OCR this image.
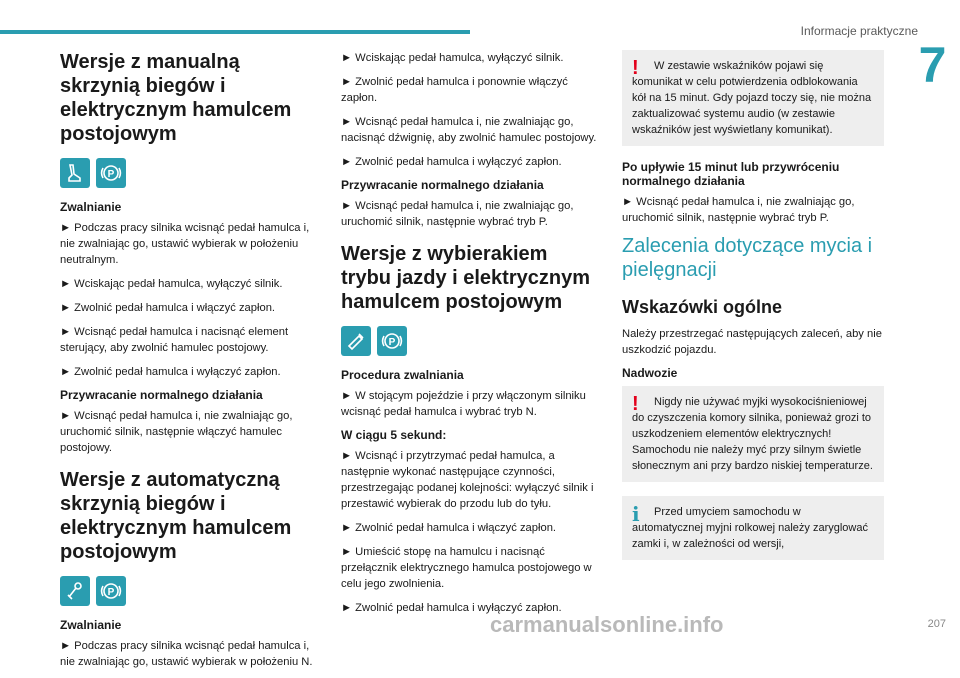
Informacje praktyczne
7
Wersje z manualną skrzynią biegów i elektrycznym hamulcem postojowym
P
Zwalnianie

► Podczas pracy silnika wcisnąć pedał hamulca i, nie zwalniając go, ustawić wybierak w położeniu neutralnym.

► Wciskając pedał hamulca, wyłączyć silnik.

► Zwolnić pedał hamulca i włączyć zapłon.

► Wcisnąć pedał hamulca i nacisnąć element sterujący, aby zwolnić hamulec postojowy.

► Zwolnić pedał hamulca i wyłączyć zapłon.

Przywracanie normalnego działania

► Wcisnąć pedał hamulca i, nie zwalniając go, uruchomić silnik, następnie włączyć hamulec postojowy.

Wersje z automatyczną skrzynią biegów i elektrycznym hamulcem postojowym
P
Zwalnianie

► Podczas pracy silnika wcisnąć pedał hamulca i, nie zwalniając go, ustawić wybierak w położeniu N.

► Wciskając pedał hamulca, wyłączyć silnik.

► Zwolnić pedał hamulca i ponownie włączyć zapłon.

► Wcisnąć pedał hamulca i, nie zwalniając go, nacisnąć dźwignię, aby zwolnić hamulec postojowy.

► Zwolnić pedał hamulca i wyłączyć zapłon.

Przywracanie normalnego działania

► Wcisnąć pedał hamulca i, nie zwalniając go, uruchomić silnik, następnie wybrać tryb P.

Wersje z wybierakiem trybu jazdy i elektrycznym hamulcem postojowym
P
Procedura zwalniania

► W stojącym pojeździe i przy włączonym silniku wcisnąć pedał hamulca i wybrać tryb N.

W ciągu 5 sekund:

► Wcisnąć i przytrzymać pedał hamulca, a następnie wykonać następujące czynności, przestrzegając podanej kolejności: wyłączyć silnik i przestawić wybierak do przodu lub do tyłu.

► Zwolnić pedał hamulca i włączyć zapłon.

► Umieścić stopę na hamulcu i nacisnąć przełącznik elektrycznego hamulca postojowego w celu jego zwolnienia.

► Zwolnić pedał hamulca i wyłączyć zapłon.

!	W zestawie wskaźników pojawi się komunikat w celu potwierdzenia odblokowania kół na 15 minut. Gdy pojazd toczy się, nie można zaktualizować systemu audio (w zestawie wskaźników jest wyświetlany komunikat).

Po upływie 15 minut lub przywróceniu normalnego działania

► Wcisnąć pedał hamulca i, nie zwalniając go, uruchomić silnik, następnie wybrać tryb P.

Zalecenia dotyczące mycia i pielęgnacji
Wskazówki ogólne

Należy przestrzegać następujących zaleceń, aby nie uszkodzić pojazdu.

Nadwozie
!	Nigdy nie używać myjki wysokociśnieniowej do czyszczenia komory silnika, ponieważ grozi to uszkodzeniem elementów elektrycznych! Samochodu nie należy myć przy silnym świetle słonecznym ani przy bardzo niskiej temperaturze.

i	Przed umyciem samochodu w automatycznej myjni rolkowej należy zaryglować zamki i, w zależności od wersji,

carmanualsonline.info	207
